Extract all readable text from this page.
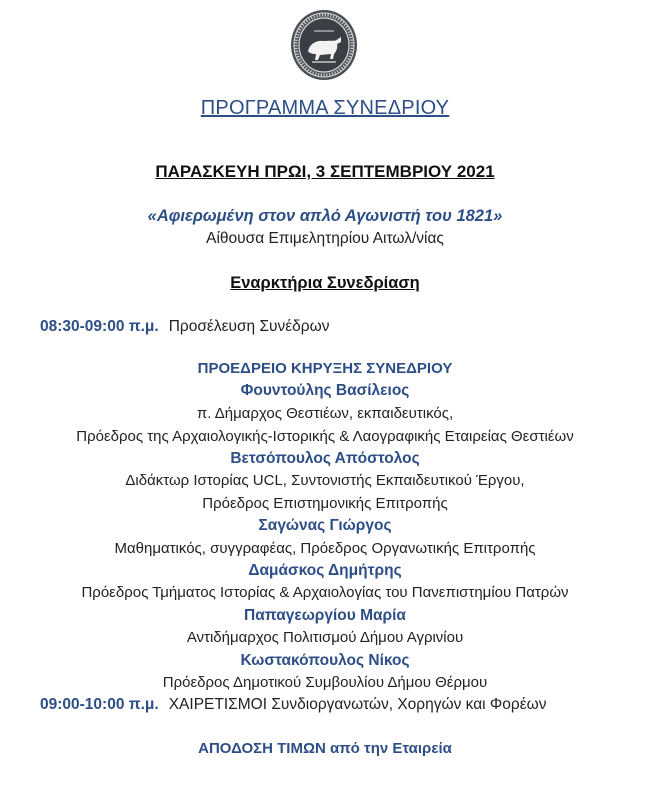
ΠΡΟΓΡΑΜΜΑ ΣΥΝΕΔΡΙΟΥ
ΠΑΡΑΣΚΕΥΗ ΠΡΩΙ, 3 ΣΕΠΤΕΜΒΡΙΟΥ 2021
«Αφιερωμένη στον απλό Αγωνιστή του 1821»
Αίθουσα Επιμελητηρίου Αιτωλ/νίας
Εναρκτήρια Συνεδρίαση
08:30-09:00 π.μ. Προσέλευση Συνέδρων
ΠΡΟΕΔΡΕΙΟ ΚΗΡΥΞΗΣ ΣΥΝΕΔΡΙΟΥ
Φουντούλης Βασίλειος
π. Δήμαρχος Θεστιέων, εκπαιδευτικός,
Πρόεδρος της Αρχαιολογικής-Ιστορικής & Λαογραφικής Εταιρείας Θεστιέων
Βετσόπουλος Απόστολος
Διδάκτωρ Ιστορίας UCL, Συντονιστής Εκπαιδευτικού Έργου,
Πρόεδρος Επιστημονικής Επιτροπής
Σαγώνας Γιώργος
Μαθηματικός, συγγραφέας, Πρόεδρος Οργανωτικής Επιτροπής
Δαμάσκος Δημήτρης
Πρόεδρος Τμήματος Ιστορίας & Αρχαιολογίας του Πανεπιστημίου Πατρών
Παπαγεωργίου Μαρία
Αντιδήμαρχος Πολιτισμού Δήμου Αγρινίου
Κωστακόπουλος Νίκος
Πρόεδρος Δημοτικού Συμβουλίου Δήμου Θέρμου
09:00-10:00 π.μ. ΧΑΙΡΕΤΙΣΜΟΙ Συνδιοργανωτών, Χορηγών και Φορέων
ΑΠΟΔΟΣΗ ΤΙΜΩΝ από την Εταιρεία
